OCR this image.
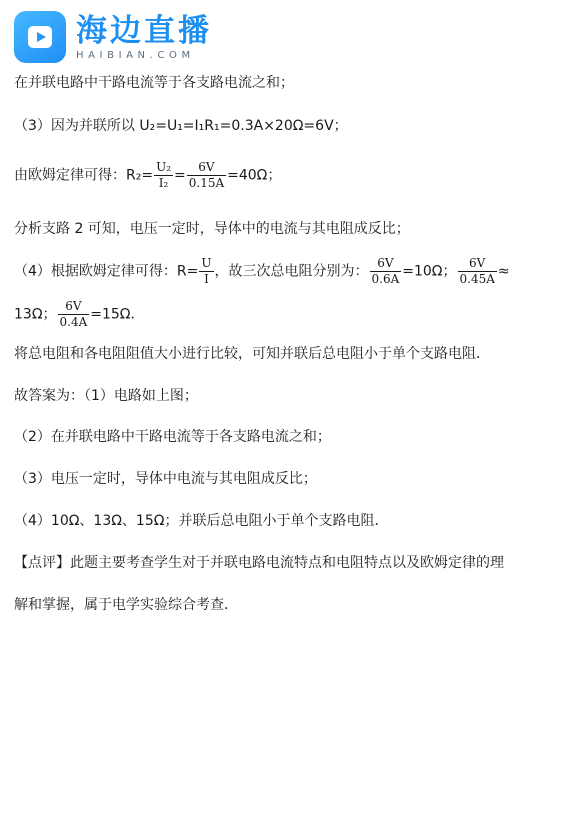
海边直播
HAIBIAN.COM
在并联电路中干路电流等于各支路电流之和；
（3）因为并联所以 U₂=U₁=I₁R₁=0.3A×20Ω=6V；
由欧姆定律可得：$R_2= \frac{\text{U₂}}{\text{I₂}} = \frac{6V}{0.15A} =40\Omega$；
分析支路 2 可知，电压一定时，导体中的电流与其电阻成反比；
（4）根据欧姆定律可得：$R= \frac{U}{I}$ ，故三次总电阻分别为： $\frac{6V}{0.6A} =10\Omega$； $\frac{6V}{0.45A}$ ≈
13Ω； $\frac{6V}{0.4A} =15\Omega$．
将总电阻和各电阻阻值大小进行比较，可知并联后总电阻小于单个支路电阻．
故答案为：（1）电路如上图；
（2）在并联电路中干路电流等于各支路电流之和；
（3）电压一定时，导体中电流与其电阻成反比；
（4）10Ω、13Ω、15Ω；并联后总电阻小于单个支路电阻．
【点评】此题主要考查学生对于并联电路电流特点和电阻特点以及欧姆定律的理
解和掌握，属于电学实验综合考查．
